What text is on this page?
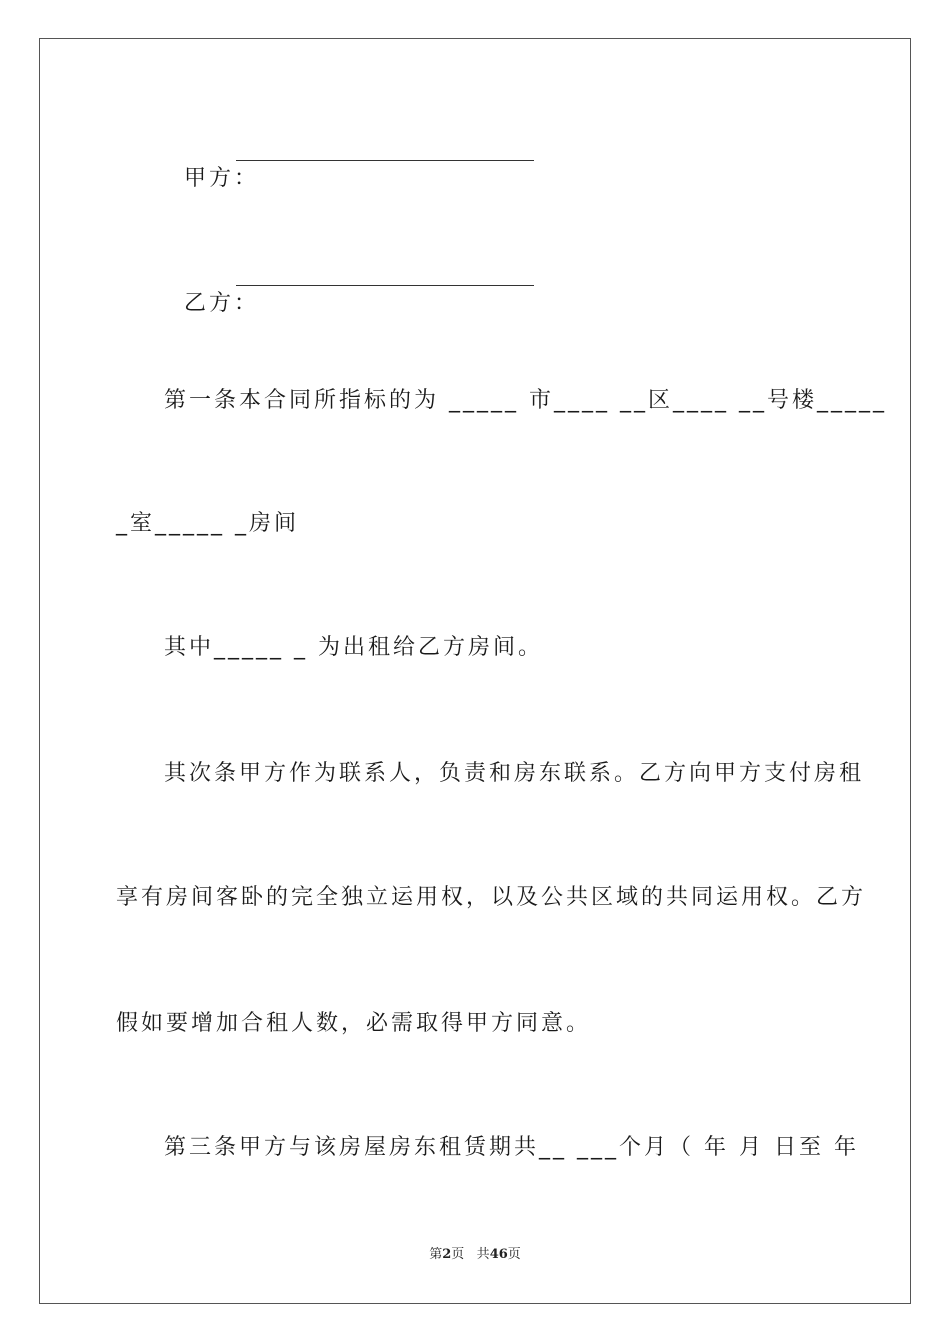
甲方：

乙方：

第一条本合同所指标的为 _____ 市____ __区____ __号楼_____
_室_____ _房间
其中_____ _ 为出租给乙方房间。
其次条甲方作为联系人，负责和房东联系。乙方向甲方支付房租
享有房间客卧的完全独立运用权，以及公共区域的共同运用权。乙方
假如要增加合租人数，必需取得甲方同意。
第三条甲方与该房屋房东租赁期共__ ___个月（ 年 月 日至 年
第2页 共46页
